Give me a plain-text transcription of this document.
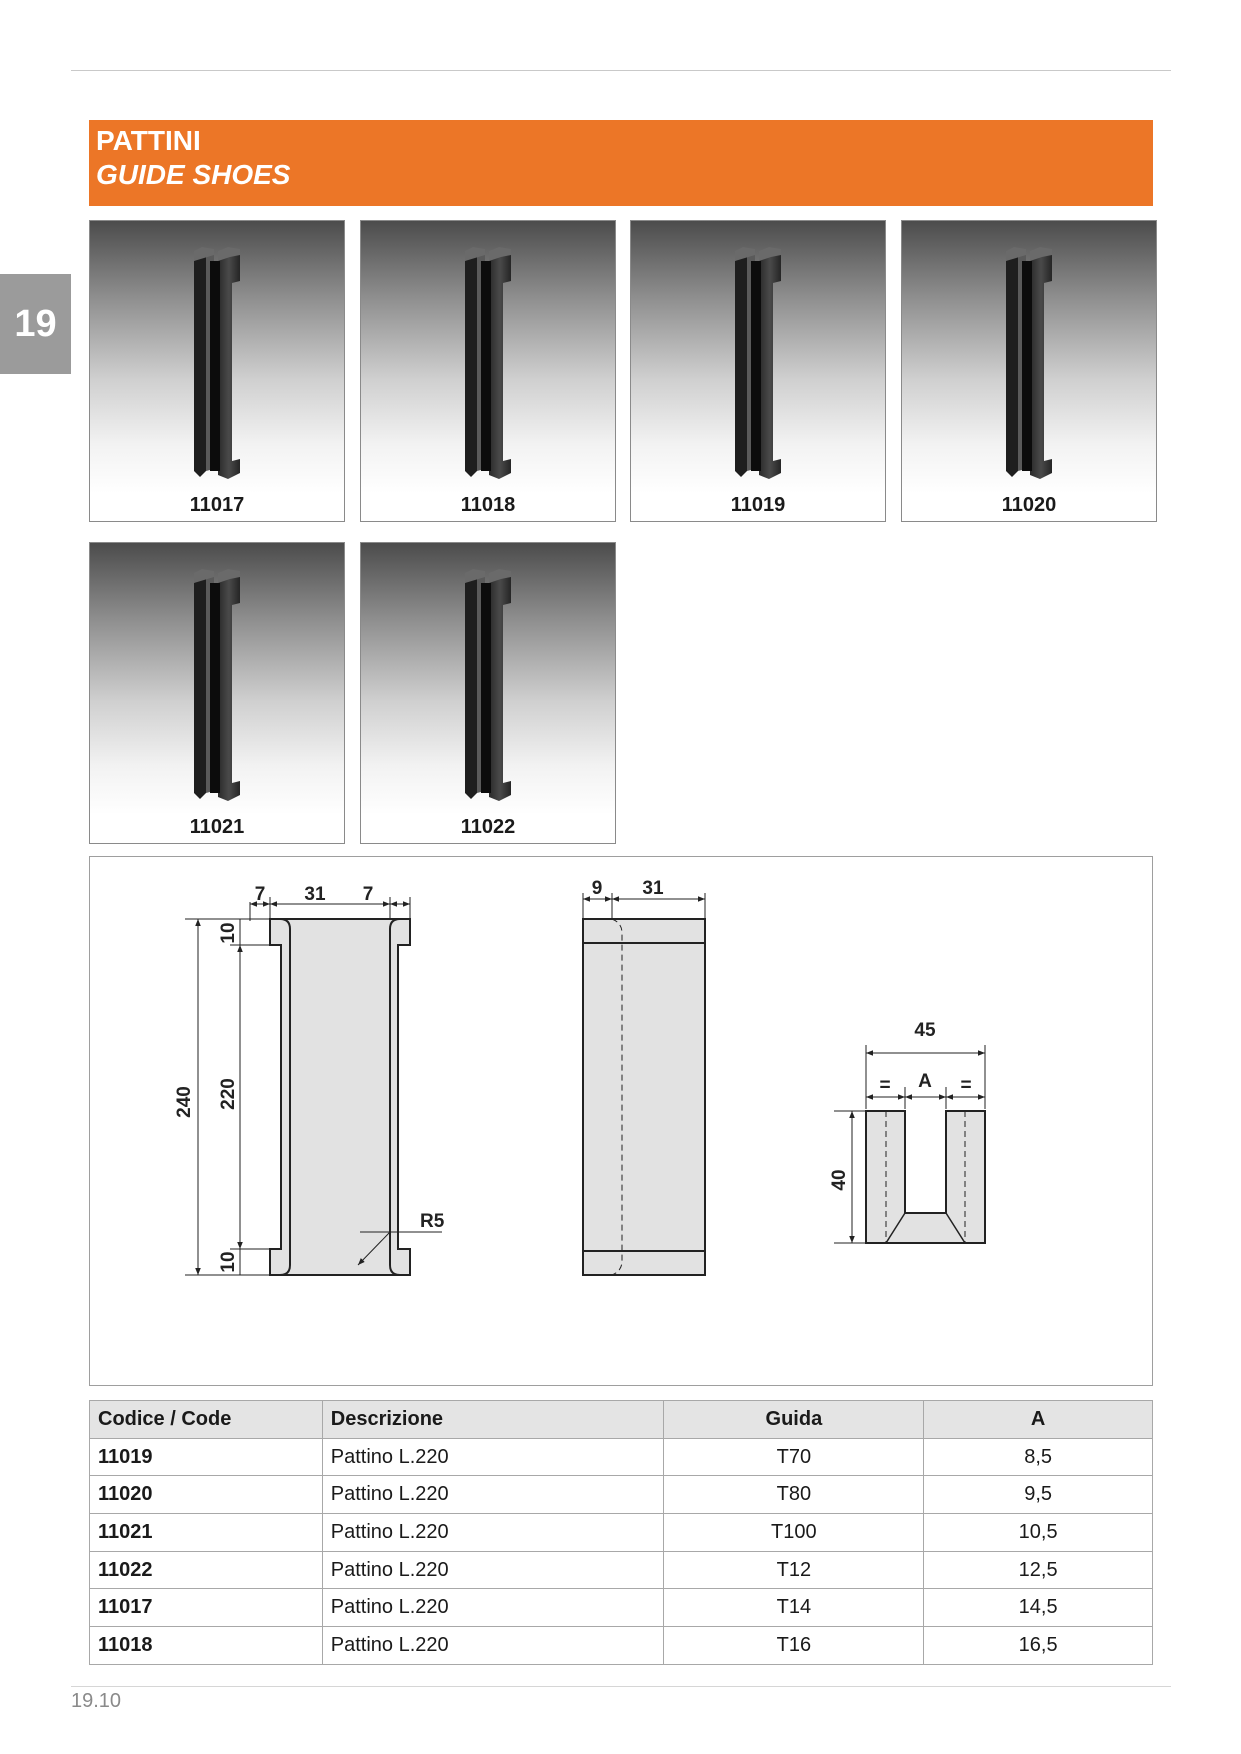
19
PATTINI
GUIDE SHOES
11017	11018	11019	11020
11021	11022
7 31 7
240 220
10
10
R5
9 31
45
A
=	=
40
Codice / Code	Descrizione	Guida	A
11019	Pattino L.220	T70	8,5
11020	Pattino L.220	T80	9,5
11021	Pattino L.220	T100	10,5
11022	Pattino L.220	T12	12,5
11017	Pattino L.220	T14	14,5
11018	Pattino L.220	T16	16,5
19.10
